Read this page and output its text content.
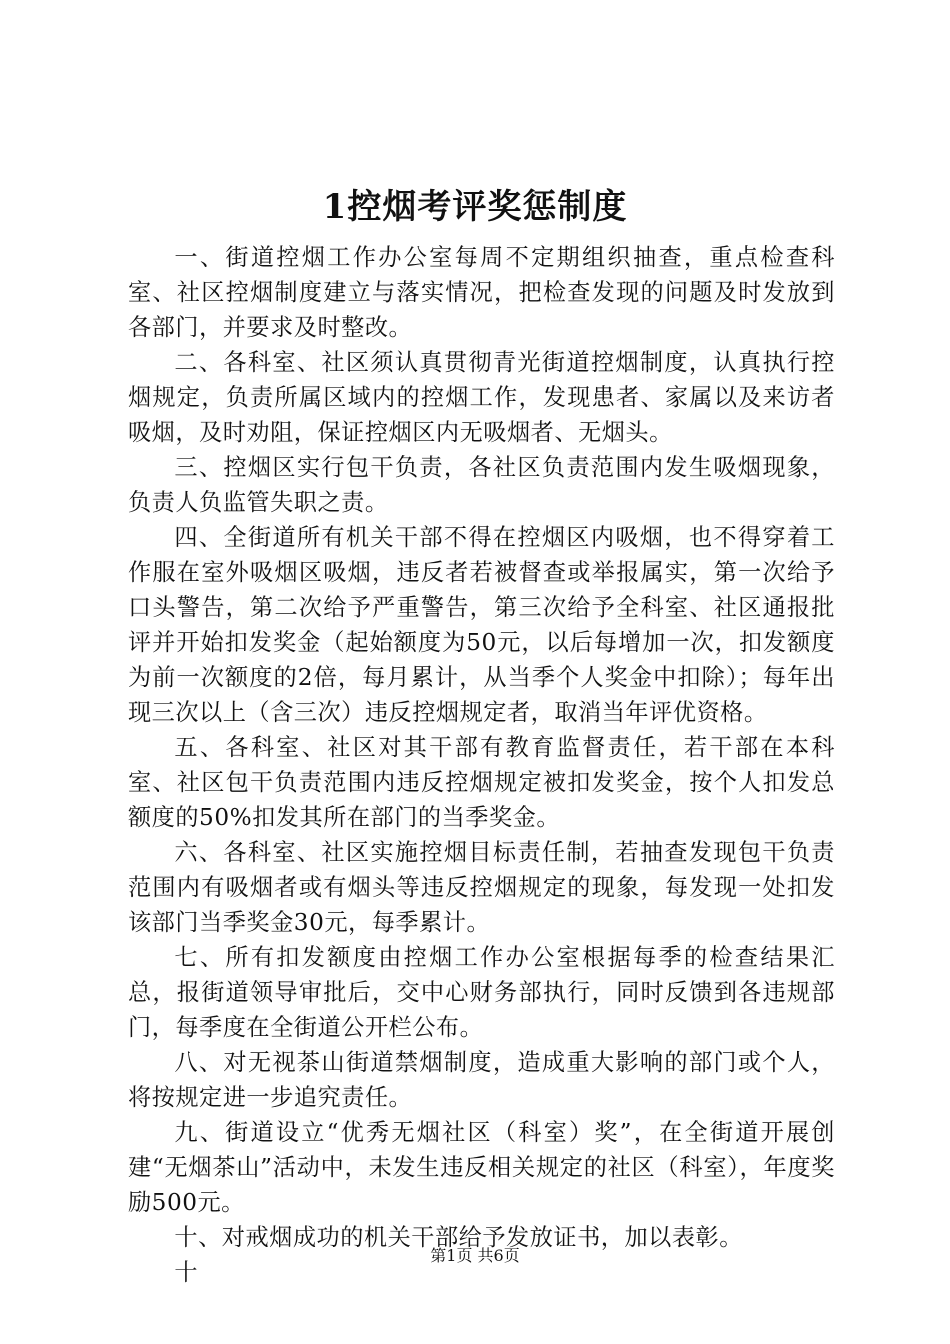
1控烟考评奖惩制度

一、街道控烟工作办公室每周不定期组织抽查，重点检查科室、社区控烟制度建立与落实情况，把检查发现的问题及时发放到各部门，并要求及时整改。

二、各科室、社区须认真贯彻青光街道控烟制度，认真执行控烟规定，负责所属区域内的控烟工作，发现患者、家属以及来访者吸烟，及时劝阻，保证控烟区内无吸烟者、无烟头。

三、控烟区实行包干负责，各社区负责范围内发生吸烟现象，负责人负监管失职之责。

四、全街道所有机关干部不得在控烟区内吸烟，也不得穿着工作服在室外吸烟区吸烟，违反者若被督查或举报属实，第一次给予口头警告，第二次给予严重警告，第三次给予全科室、社区通报批评并开始扣发奖金（起始额度为50元，以后每增加一次，扣发额度为前一次额度的2倍，每月累计，从当季个人奖金中扣除）；每年出现三次以上（含三次）违反控烟规定者，取消当年评优资格。

五、各科室、社区对其干部有教育监督责任，若干部在本科室、社区包干负责范围内违反控烟规定被扣发奖金，按个人扣发总额度的50%扣发其所在部门的当季奖金。

六、各科室、社区实施控烟目标责任制，若抽查发现包干负责范围内有吸烟者或有烟头等违反控烟规定的现象，每发现一处扣发该部门当季奖金30元，每季累计。

七、所有扣发额度由控烟工作办公室根据每季的检查结果汇总，报街道领导审批后，交中心财务部执行，同时反馈到各违规部门，每季度在全街道公开栏公布。

八、对无视茶山街道禁烟制度，造成重大影响的部门或个人，将按规定进一步追究责任。

九、街道设立“优秀无烟社区（科室）奖”，在全街道开展创建“无烟茶山”活动中，未发生违反相关规定的社区（科室），年度奖励500元。

十、对戒烟成功的机关干部给予发放证书，加以表彰。

十

第1页 共6页
